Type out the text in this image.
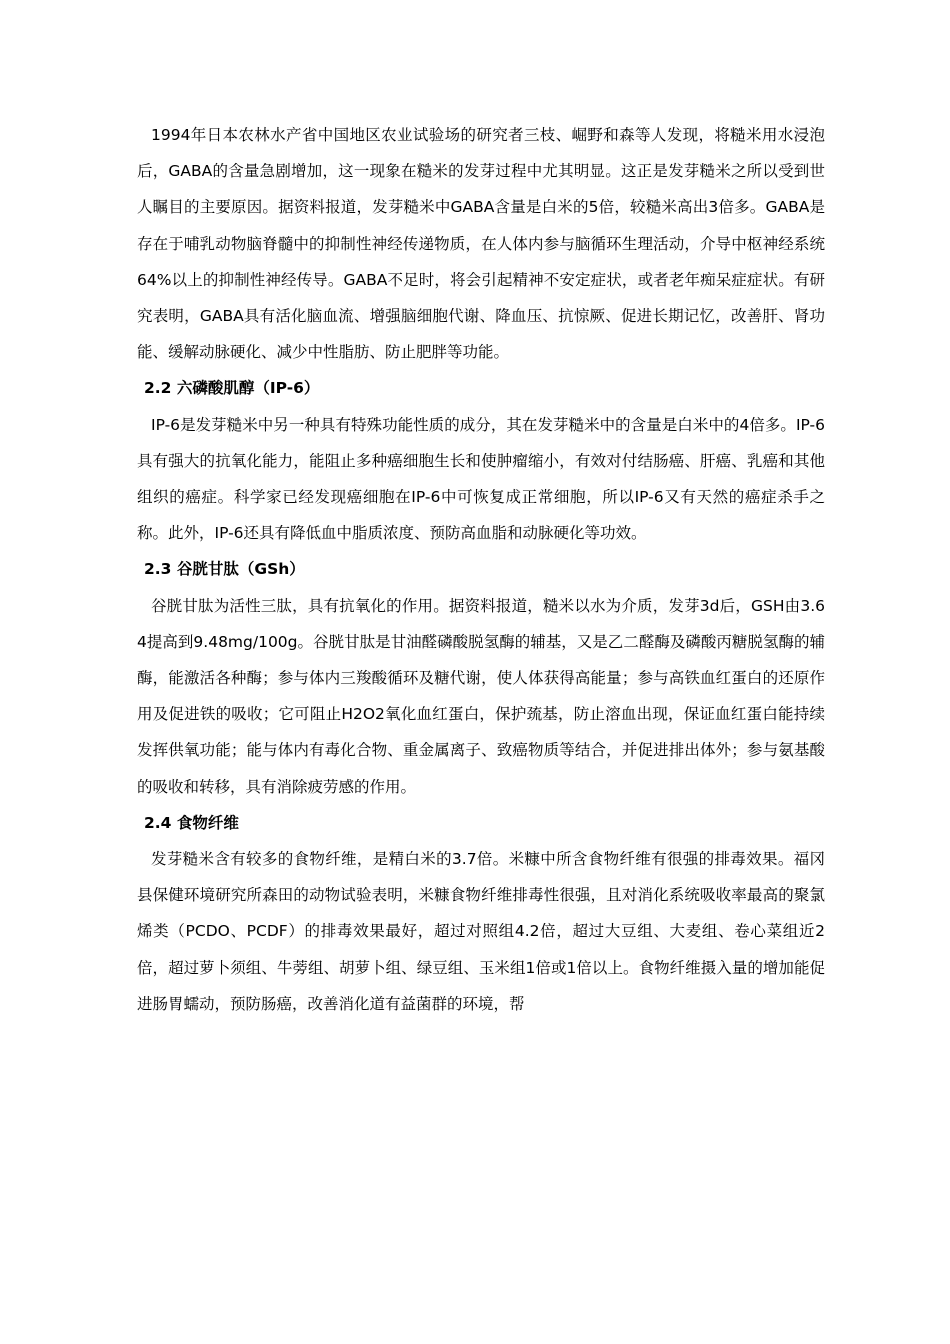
1994年日本农林水产省中国地区农业试验场的研究者三枝、崛野和森等人发现，将糙米用水浸泡后，GABA的含量急剧增加，这一现象在糙米的发芽过程中尤其明显。这正是发芽糙米之所以受到世人瞩目的主要原因。据资料报道，发芽糙米中GABA含量是白米的5倍，较糙米高出3倍多。GABA是存在于哺乳动物脑脊髓中的抑制性神经传递物质，在人体内参与脑循环生理活动，介导中枢神经系统64%以上的抑制性神经传导。GABA不足时，将会引起精神不安定症状，或者老年痴呆症症状。有研究表明，GABA具有活化脑血流、增强脑细胞代谢、降血压、抗惊厥、促进长期记忆，改善肝、肾功能、缓解动脉硬化、减少中性脂肪、防止肥胖等功能。

2.2 六磷酸肌醇（IP-6）

IP-6是发芽糙米中另一种具有特殊功能性质的成分，其在发芽糙米中的含量是白米中的4倍多。IP-6具有强大的抗氧化能力，能阻止多种癌细胞生长和使肿瘤缩小，有效对付结肠癌、肝癌、乳癌和其他组织的癌症。科学家已经发现癌细胞在IP-6中可恢复成正常细胞，所以IP-6又有天然的癌症杀手之称。此外，IP-6还具有降低血中脂质浓度、预防高血脂和动脉硬化等功效。

2.3 谷胱甘肽（GSh）

谷胱甘肽为活性三肽，具有抗氧化的作用。据资料报道，糙米以水为介质，发芽3d后，GSH由3.64提高到9.48mg/100g。谷胱甘肽是甘油醛磷酸脱氢酶的辅基，又是乙二醛酶及磷酸丙糖脱氢酶的辅酶，能激活各种酶；参与体内三羧酸循环及糖代谢，使人体获得高能量；参与高铁血红蛋白的还原作用及促进铁的吸收；它可阻止H2O2氧化血红蛋白，保护巯基，防止溶血出现，保证血红蛋白能持续发挥供氧功能；能与体内有毒化合物、重金属离子、致癌物质等结合，并促进排出体外；参与氨基酸的吸收和转移，具有消除疲劳感的作用。

2.4 食物纤维

发芽糙米含有较多的食物纤维，是精白米的3.7倍。米糠中所含食物纤维有很强的排毒效果。福冈县保健环境研究所森田的动物试验表明，米糠食物纤维排毒性很强，且对消化系统吸收率最高的聚氯烯类（PCDO、PCDF）的排毒效果最好，超过对照组4.2倍，超过大豆组、大麦组、卷心菜组近2倍，超过萝卜须组、牛蒡组、胡萝卜组、绿豆组、玉米组1倍或1倍以上。食物纤维摄入量的增加能促进肠胃蠕动，预防肠癌，改善消化道有益菌群的环境，帮
